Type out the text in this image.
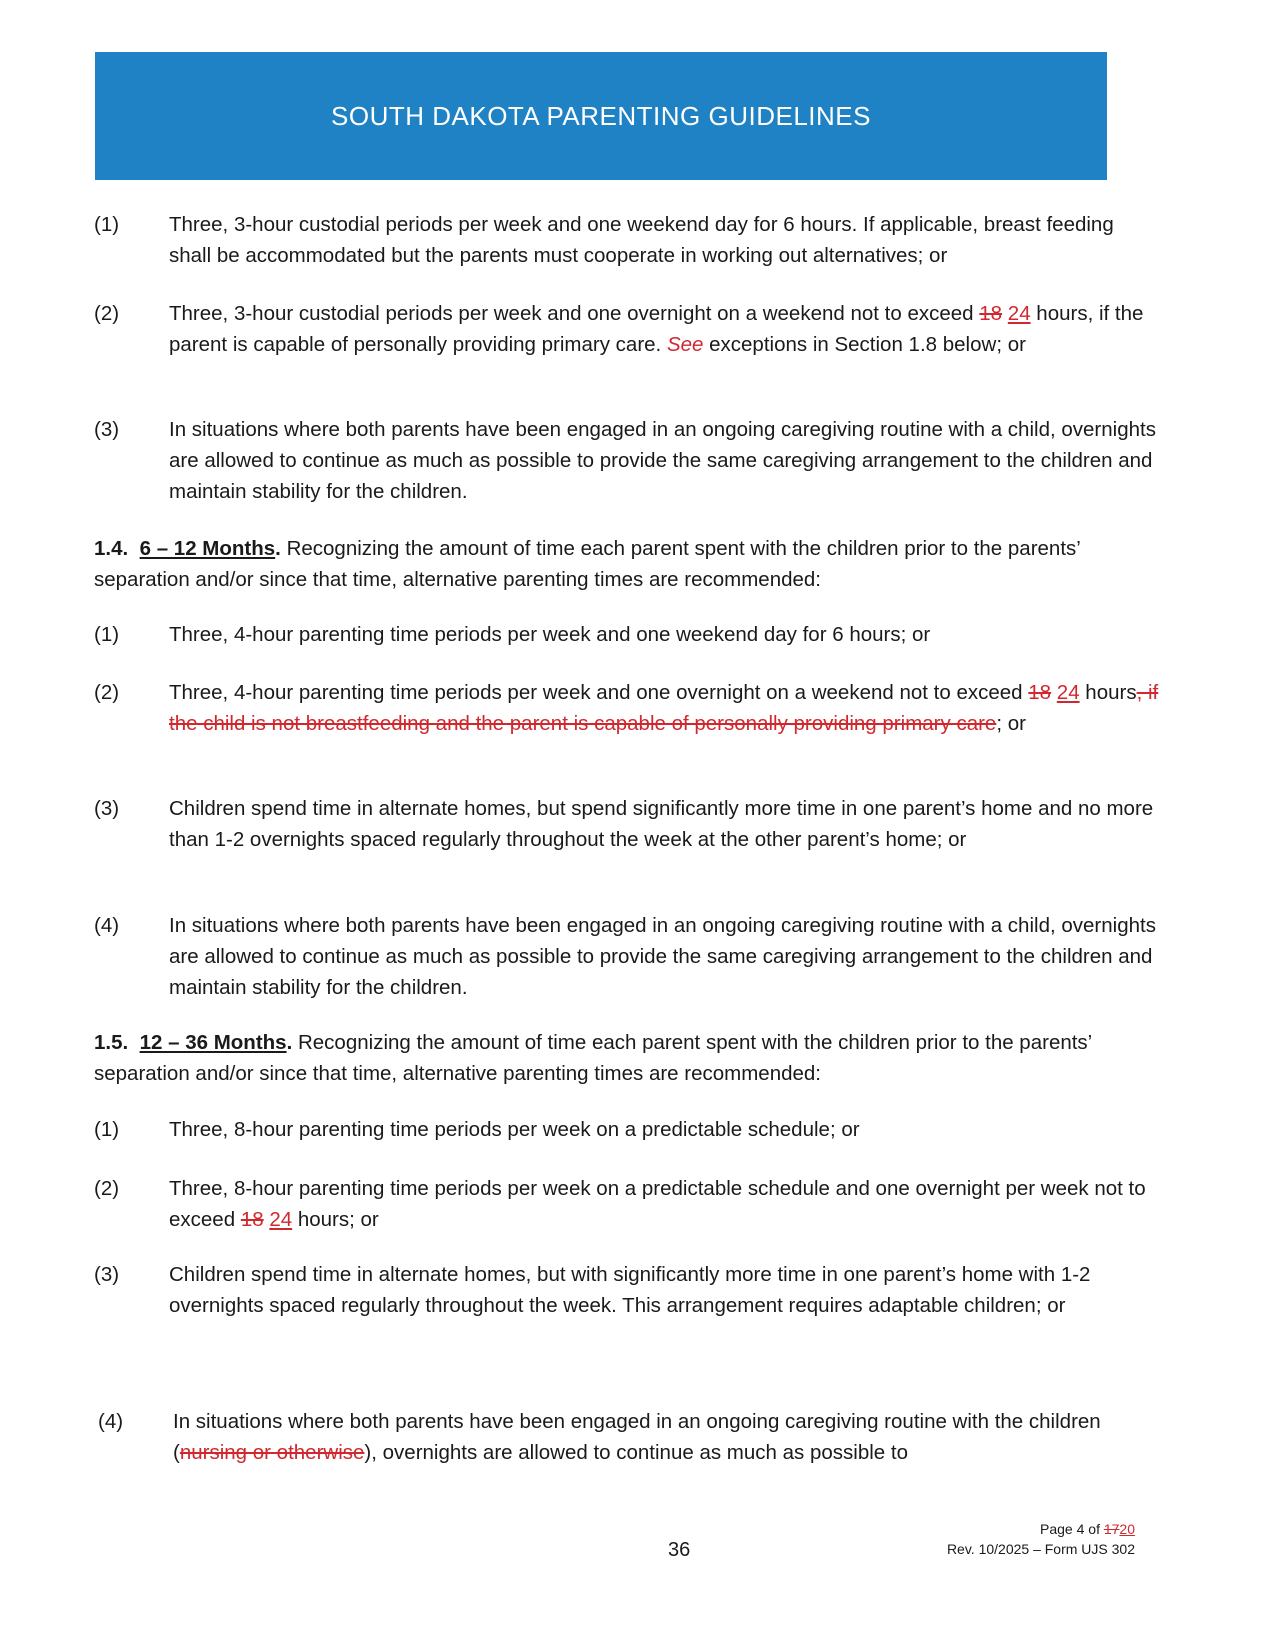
SOUTH DAKOTA PARENTING GUIDELINES
(1) Three, 3-hour custodial periods per week and one weekend day for 6 hours. If applicable, breast feeding shall be accommodated but the parents must cooperate in working out alternatives; or
(2) Three, 3-hour custodial periods per week and one overnight on a weekend not to exceed 18 24 hours, if the parent is capable of personally providing primary care. See exceptions in Section 1.8 below; or
(3) In situations where both parents have been engaged in an ongoing caregiving routine with a child, overnights are allowed to continue as much as possible to provide the same caregiving arrangement to the children and maintain stability for the children.
1.4. 6 – 12 Months. Recognizing the amount of time each parent spent with the children prior to the parents’ separation and/or since that time, alternative parenting times are recommended:
(1) Three, 4-hour parenting time periods per week and one weekend day for 6 hours; or
(2) Three, 4-hour parenting time periods per week and one overnight on a weekend not to exceed 18 24 hours, if the child is not breastfeeding and the parent is capable of personally providing primary care; or
(3) Children spend time in alternate homes, but spend significantly more time in one parent’s home and no more than 1-2 overnights spaced regularly throughout the week at the other parent’s home; or
(4) In situations where both parents have been engaged in an ongoing caregiving routine with a child, overnights are allowed to continue as much as possible to provide the same caregiving arrangement to the children and maintain stability for the children.
1.5. 12 – 36 Months. Recognizing the amount of time each parent spent with the children prior to the parents’ separation and/or since that time, alternative parenting times are recommended:
(1) Three, 8-hour parenting time periods per week on a predictable schedule; or
(2) Three, 8-hour parenting time periods per week on a predictable schedule and one overnight per week not to exceed 18 24 hours; or
(3) Children spend time in alternate homes, but with significantly more time in one parent’s home with 1-2 overnights spaced regularly throughout the week. This arrangement requires adaptable children; or
(4) In situations where both parents have been engaged in an ongoing caregiving routine with the children (nursing or otherwise), overnights are allowed to continue as much as possible to
36
Page 4 of 1720
Rev. 10/2025 – Form UJS 302
